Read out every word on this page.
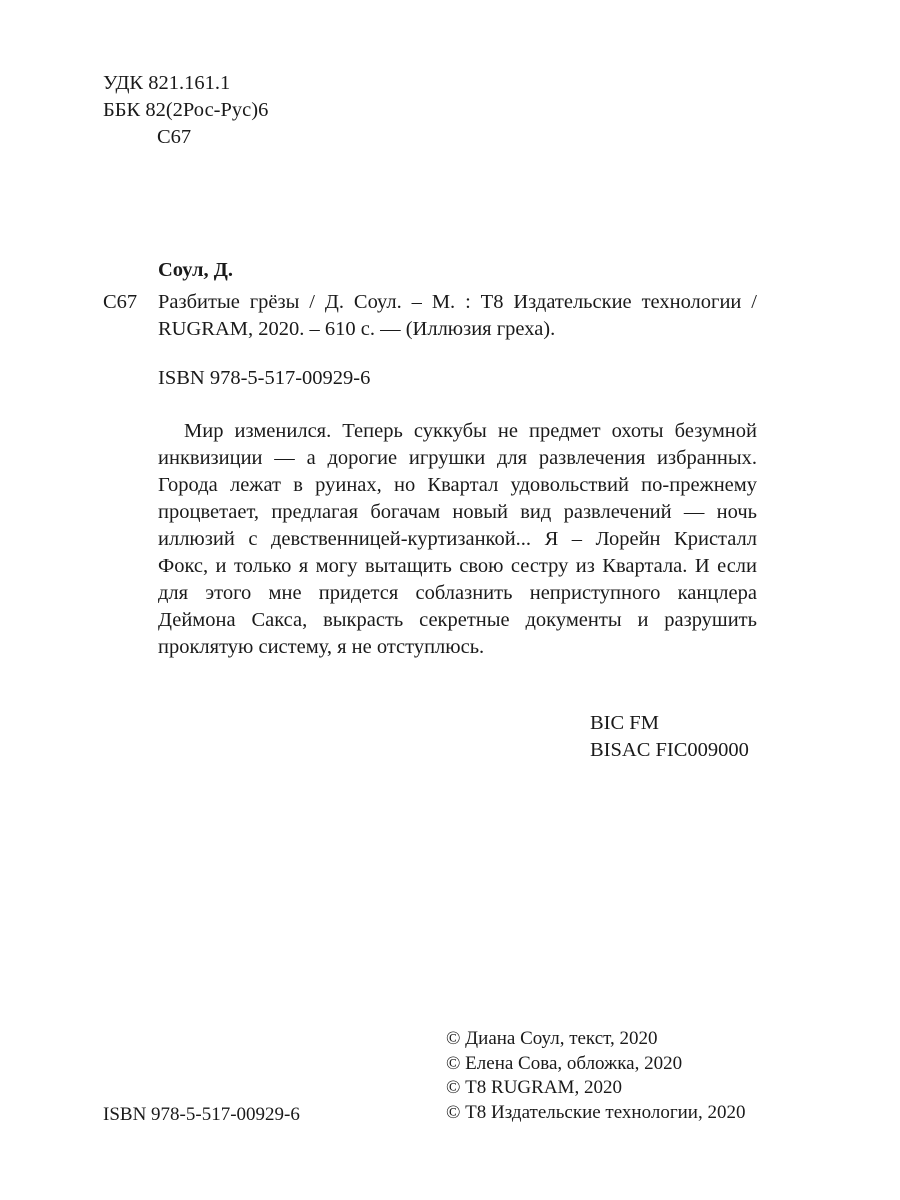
УДК 821.161.1
ББК 82(2Рос-Рус)6
С67
Соул, Д.
С67 Разбитые грёзы / Д. Соул. – М. : Т8 Издательские технологии / RUGRAM, 2020. – 610 с. — (Иллюзия греха).
ISBN 978-5-517-00929-6

Мир изменился. Теперь суккубы не предмет охоты безумной инквизиции — а дорогие игрушки для развлечения избранных. Города лежат в руинах, но Квартал удовольствий по-прежнему процветает, предлагая богачам новый вид развлечений — ночь иллюзий с девственницей-куртизанкой... Я – Лорейн Кристалл Фокс, и только я могу вытащить свою сестру из Квартала. И если для этого мне придется соблазнить неприступного канцлера Деймона Сакса, выкрасть секретные документы и разрушить проклятую систему, я не отступлюсь.

BIC FM
BISAC FIC009000
ISBN 978-5-517-00929-6
© Диана Соул, текст, 2020
© Елена Сова, обложка, 2020
© Т8 RUGRAM, 2020
© Т8 Издательские технологии, 2020
